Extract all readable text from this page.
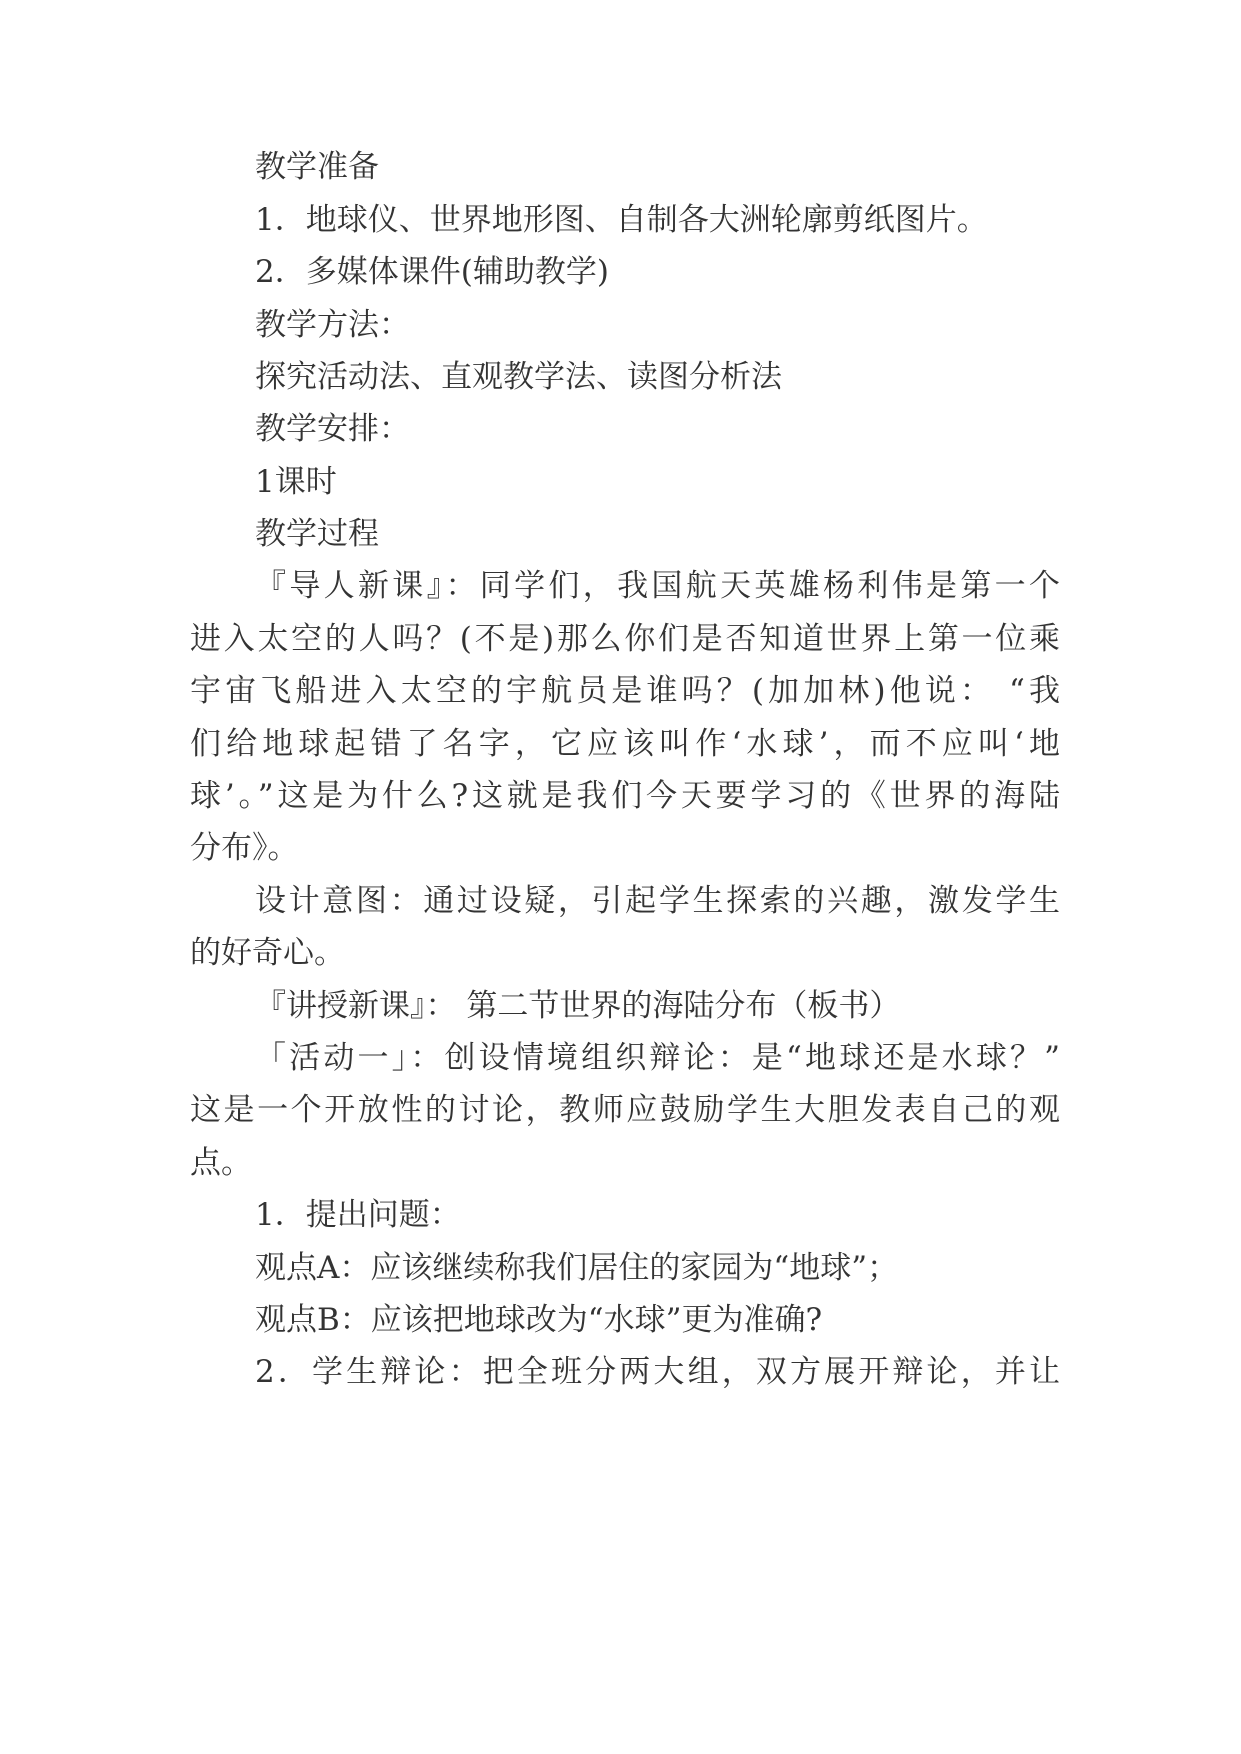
教学准备
1．地球仪、世界地形图、自制各大洲轮廓剪纸图片。
2．多媒体课件(辅助教学)
教学方法：
探究活动法、直观教学法、读图分析法
教学安排：
1课时
教学过程
『导人新课』：同学们，我国航天英雄杨利伟是第一个
进入太空的人吗？(不是)那么你们是否知道世界上第一位乘
宇宙飞船进入太空的宇航员是谁吗？(加加林)他说： “我
们给地球起错了名字，它应该叫作‘水球’，而不应叫‘地
球’。”这是为什么?这就是我们今天要学习的《世界的海陆
分布》。
设计意图：通过设疑，引起学生探索的兴趣，激发学生
的好奇心。
『讲授新课』： 第二节世界的海陆分布（板书）
「活动一」：创设情境组织辩论：是“地球还是水球？”
这是一个开放性的讨论，教师应鼓励学生大胆发表自己的观
点。
1．提出问题：
观点A：应该继续称我们居住的家园为“地球”；
观点B：应该把地球改为“水球”更为准确?
2．学生辩论：把全班分两大组，双方展开辩论，并让
